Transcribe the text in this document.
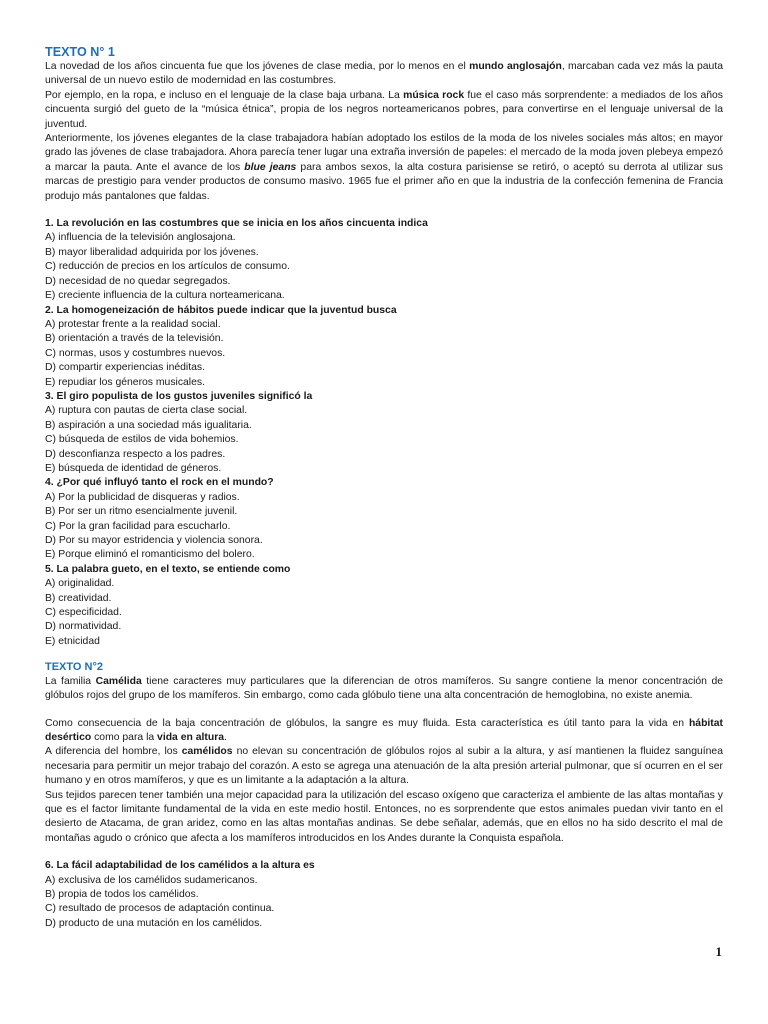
TEXTO N° 1

La novedad de los años cincuenta fue que los jóvenes de clase media, por lo menos en el mundo anglosajón, marcaban cada vez más la pauta universal de un nuevo estilo de modernidad en las costumbres.

Por ejemplo, en la ropa, e incluso en el lenguaje de la clase baja urbana. La música rock fue el caso más sorprendente: a mediados de los años cincuenta surgió del gueto de la “música étnica”, propia de los negros norteamericanos pobres, para convertirse en el lenguaje universal de la juventud.

Anteriormente, los jóvenes elegantes de la clase trabajadora habían adoptado los estilos de la moda de los niveles sociales más altos; en mayor grado las jóvenes de clase trabajadora. Ahora parecía tener lugar una extraña inversión de papeles: el mercado de la moda joven plebeya empezó a marcar la pauta. Ante el avance de los blue jeans para ambos sexos, la alta costura parisiense se retiró, o aceptó su derrota al utilizar sus marcas de prestigio para vender productos de consumo masivo. 1965 fue el primer año en que la industria de la confección femenina de Francia produjo más pantalones que faldas.

1. La revolución en las costumbres que se inicia en los años cincuenta indica
A) influencia de la televisión anglosajona.
B) mayor liberalidad adquirida por los jóvenes.
C) reducción de precios en los artículos de consumo.
D) necesidad de no quedar segregados.
E) creciente influencia de la cultura norteamericana.
2. La homogeneización de hábitos puede indicar que la juventud busca
A) protestar frente a la realidad social.
B) orientación a través de la televisión.
C) normas, usos y costumbres nuevos.
D) compartir experiencias inéditas.
E) repudiar los géneros musicales.
3. El giro populista de los gustos juveniles significó la
A) ruptura con pautas de cierta clase social.
B) aspiración a una sociedad más igualitaria.
C) búsqueda de estilos de vida bohemios.
D) desconfianza respecto a los padres.
E) búsqueda de identidad de géneros.
4. ¿Por qué influyó tanto el rock en el mundo?
A) Por la publicidad de disqueras y radios.
B) Por ser un ritmo esencialmente juvenil.
C) Por la gran facilidad para escucharlo.
D) Por su mayor estridencia y violencia sonora.
E) Porque eliminó el romanticismo del bolero.
5. La palabra gueto, en el texto, se entiende como
A) originalidad.
B) creatividad.
C) especificidad.
D) normatividad.
E) etnicidad
TEXTO N°2

La familia Camélida tiene caracteres muy particulares que la diferencian de otros mamíferos. Su sangre contiene la menor concentración de glóbulos rojos del grupo de los mamíferos. Sin embargo, como cada glóbulo tiene una alta concentración de hemoglobina, no existe anemia.

Como consecuencia de la baja concentración de glóbulos, la sangre es muy fluida. Esta característica es útil tanto para la vida en hábitat desértico como para la vida en altura.

A diferencia del hombre, los camélidos no elevan su concentración de glóbulos rojos al subir a la altura, y así mantienen la fluidez sanguínea necesaria para permitir un mejor trabajo del corazón. A esto se agrega una atenuación de la alta presión arterial pulmonar, que sí ocurren en el ser humano y en otros mamíferos, y que es un limitante a la adaptación a la altura.

Sus tejidos parecen tener también una mejor capacidad para la utilización del escaso oxígeno que caracteriza el ambiente de las altas montañas y que es el factor limitante fundamental de la vida en este medio hostil. Entonces, no es sorprendente que estos animales puedan vivir tanto en el desierto de Atacama, de gran aridez, como en las altas montañas andinas. Se debe señalar, además, que en ellos no ha sido descrito el mal de montañas agudo o crónico que afecta a los mamíferos introducidos en los Andes durante la Conquista española.

6. La fácil adaptabilidad de los camélidos a la altura es
A) exclusiva de los camélidos sudamericanos.
B) propia de todos los camélidos.
C) resultado de procesos de adaptación continua.
D) producto de una mutación en los camélidos.
1
